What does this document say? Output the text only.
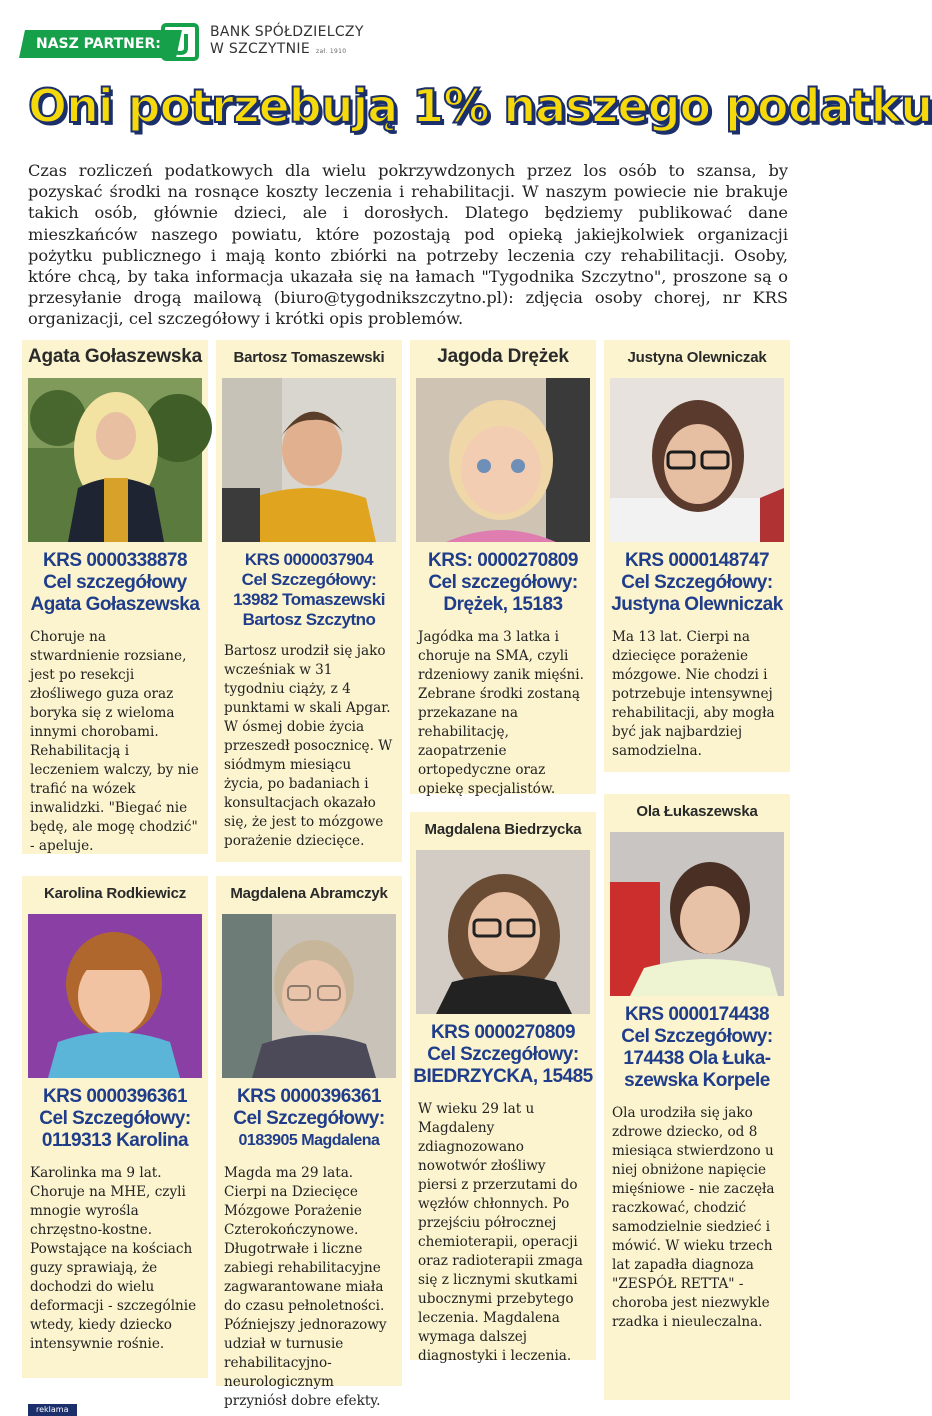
NASZ PARTNER:
BANK SPÓŁDZIELCZY
W SZCZYTNIE zał. 1910
Oni potrzebują 1% naszego podatku

Czas rozliczeń podatkowych dla wielu pokrzywdzonych przez los osób to szansa, by pozyskać środki na rosnące koszty leczenia i rehabilitacji. W naszym powiecie nie brakuje takich osób, głównie dzieci, ale i dorosłych. Dlatego będziemy publikować dane mieszkańców naszego powiatu, które pozostają pod opieką jakiejkolwiek organizacji pożytku publicznego i mają konto zbiórki na potrzeby leczenia czy rehabilitacji. Osoby, które chcą, by taka informacja ukazała się na łamach "Tygodnika Szczytno", proszone są o przesyłanie drogą mailową (biuro@tygodnikszczytno.pl): zdjęcia osoby chorej, nr KRS organizacji, cel szczegółowy i krótki opis problemów.

Agata Gołaszewska
KRS 0000338878
Cel szczegółowy
Agata Gołaszewska
Choruje na stwardnienie rozsiane, jest po resekcji złośliwego guza oraz boryka się z wieloma innymi chorobami. Rehabilitacją i leczeniem walczy, by nie trafić na wózek inwalidzki. "Biegać nie będę, ale mogę chodzić" - apeluje.
Bartosz Tomaszewski
KRS 0000037904
Cel Szczegółowy:
13982 Tomaszewski
Bartosz Szczytno
Bartosz urodził się jako wcześniak w 31 tygodniu ciąży, z 4 punktami w skali Apgar. W ósmej dobie życia przeszedł posocznicę. W siódmym miesiącu życia, po badaniach i konsultacjach okazało się, że jest to mózgowe porażenie dziecięce.
Jagoda Drężek
KRS: 0000270809
Cel szczegółowy:
Drężek, 15183
Jagódka ma 3 latka i choruje na SMA, czyli rdzeniowy zanik mięśni. Zebrane środki zostaną przekazane na rehabilitację, zaopatrzenie ortopedyczne oraz opiekę specjalistów.
Justyna Olewniczak
KRS 0000148747
Cel Szczegółowy:
Justyna Olewniczak
Ma 13 lat. Cierpi na dziecięce porażenie mózgowe. Nie chodzi i potrzebuje intensywnej rehabilitacji, aby mogła być jak najbardziej samodzielna.
Karolina Rodkiewicz
KRS 0000396361
Cel Szczegółowy:
0119313 Karolina
Karolinka ma 9 lat. Choruje na MHE, czyli mnogie wyrośla chrzęstno-kostne. Powstające na kościach guzy sprawiają, że dochodzi do wielu deformacji - szczególnie wtedy, kiedy dziecko intensywnie rośnie.
Magdalena Abramczyk
KRS 0000396361
Cel Szczegółowy:
0183905 Magdalena
Magda ma 29 lata. Cierpi na Dziecięce Mózgowe Porażenie Czterokończynowe. Długotrwałe i liczne zabiegi rehabilitacyjne zagwarantowane miała do czasu pełnoletności. Późniejszy jednorazowy udział w turnusie rehabilitacyjno-neurologicznym przyniósł dobre efekty.
Magdalena Biedrzycka
KRS 0000270809
Cel Szczegółowy:
BIEDRZYCKA, 15485
W wieku 29 lat u Magdaleny zdiagnozowano nowotwór złośliwy piersi z przerzutami do węzłów chłonnych. Po przejściu półrocznej chemioterapii, operacji oraz radioterapii zmaga się z licznymi skutkami ubocznymi przebytego leczenia. Magdalena wymaga dalszej diagnostyki i leczenia.
Ola Łukaszewska
KRS 0000174438
Cel Szczegółowy:
174438 Ola Łuka-
szewska Korpele
Ola urodziła się jako zdrowe dziecko, od 8 miesiąca stwierdzono u niej obniżone napięcie mięśniowe - nie zaczęła raczkować, chodzić samodzielnie siedzieć i mówić. W wieku trzech lat zapadła diagnoza "ZESPÓŁ RETTA" - choroba jest niezwykle rzadka i nieuleczalna.
reklama
